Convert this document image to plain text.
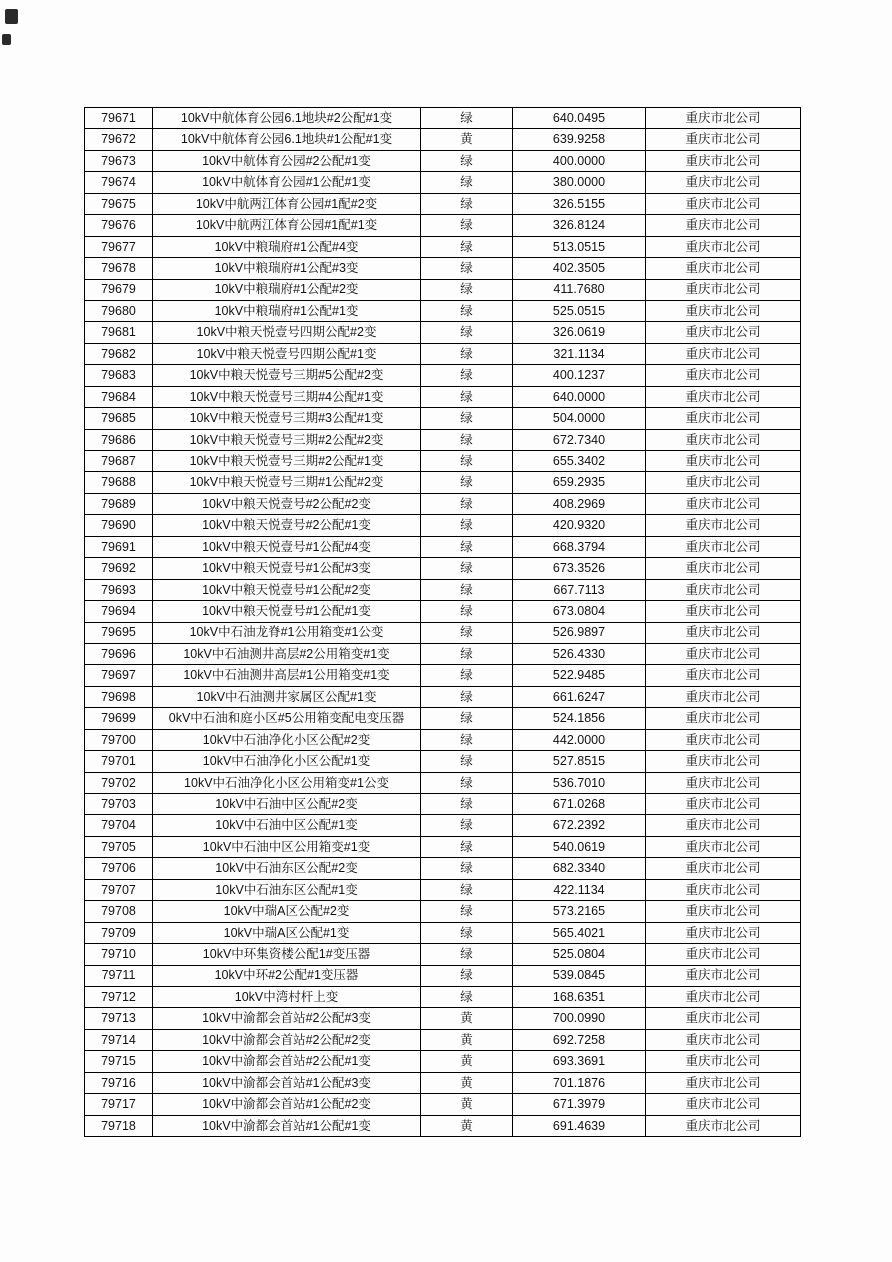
79671	10kV中航体育公园6.1地块#2公配#1变	绿	640.0495	重庆市北公司
79672	10kV中航体育公园6.1地块#1公配#1变	黄	639.9258	重庆市北公司
79673	10kV中航体育公园#2公配#1变	绿	400.0000	重庆市北公司
79674	10kV中航体育公园#1公配#1变	绿	380.0000	重庆市北公司
79675	10kV中航两江体育公园#1配#2变	绿	326.5155	重庆市北公司
79676	10kV中航两江体育公园#1配#1变	绿	326.8124	重庆市北公司
79677	10kV中粮瑞府#1公配#4变	绿	513.0515	重庆市北公司
79678	10kV中粮瑞府#1公配#3变	绿	402.3505	重庆市北公司
79679	10kV中粮瑞府#1公配#2变	绿	411.7680	重庆市北公司
79680	10kV中粮瑞府#1公配#1变	绿	525.0515	重庆市北公司
79681	10kV中粮天悦壹号四期公配#2变	绿	326.0619	重庆市北公司
79682	10kV中粮天悦壹号四期公配#1变	绿	321.1134	重庆市北公司
79683	10kV中粮天悦壹号三期#5公配#2变	绿	400.1237	重庆市北公司
79684	10kV中粮天悦壹号三期#4公配#1变	绿	640.0000	重庆市北公司
79685	10kV中粮天悦壹号三期#3公配#1变	绿	504.0000	重庆市北公司
79686	10kV中粮天悦壹号三期#2公配#2变	绿	672.7340	重庆市北公司
79687	10kV中粮天悦壹号三期#2公配#1变	绿	655.3402	重庆市北公司
79688	10kV中粮天悦壹号三期#1公配#2变	绿	659.2935	重庆市北公司
79689	10kV中粮天悦壹号#2公配#2变	绿	408.2969	重庆市北公司
79690	10kV中粮天悦壹号#2公配#1变	绿	420.9320	重庆市北公司
79691	10kV中粮天悦壹号#1公配#4变	绿	668.3794	重庆市北公司
79692	10kV中粮天悦壹号#1公配#3变	绿	673.3526	重庆市北公司
79693	10kV中粮天悦壹号#1公配#2变	绿	667.7113	重庆市北公司
79694	10kV中粮天悦壹号#1公配#1变	绿	673.0804	重庆市北公司
79695	10kV中石油龙脊#1公用箱变#1公变	绿	526.9897	重庆市北公司
79696	10kV中石油测井高层#2公用箱变#1变	绿	526.4330	重庆市北公司
79697	10kV中石油测井高层#1公用箱变#1变	绿	522.9485	重庆市北公司
79698	10kV中石油测井家属区公配#1变	绿	661.6247	重庆市北公司
79699	0kV中石油和庭小区#5公用箱变配电变压器	绿	524.1856	重庆市北公司
79700	10kV中石油净化小区公配#2变	绿	442.0000	重庆市北公司
79701	10kV中石油净化小区公配#1变	绿	527.8515	重庆市北公司
79702	10kV中石油净化小区公用箱变#1公变	绿	536.7010	重庆市北公司
79703	10kV中石油中区公配#2变	绿	671.0268	重庆市北公司
79704	10kV中石油中区公配#1变	绿	672.2392	重庆市北公司
79705	10kV中石油中区公用箱变#1变	绿	540.0619	重庆市北公司
79706	10kV中石油东区公配#2变	绿	682.3340	重庆市北公司
79707	10kV中石油东区公配#1变	绿	422.1134	重庆市北公司
79708	10kV中瑞A区公配#2变	绿	573.2165	重庆市北公司
79709	10kV中瑞A区公配#1变	绿	565.4021	重庆市北公司
79710	10kV中环集资楼公配1#变压器	绿	525.0804	重庆市北公司
79711	10kV中环#2公配#1变压器	绿	539.0845	重庆市北公司
79712	10kV中湾村杆上变	绿	168.6351	重庆市北公司
79713	10kV中渝都会首站#2公配#3变	黄	700.0990	重庆市北公司
79714	10kV中渝都会首站#2公配#2变	黄	692.7258	重庆市北公司
79715	10kV中渝都会首站#2公配#1变	黄	693.3691	重庆市北公司
79716	10kV中渝都会首站#1公配#3变	黄	701.1876	重庆市北公司
79717	10kV中渝都会首站#1公配#2变	黄	671.3979	重庆市北公司
79718	10kV中渝都会首站#1公配#1变	黄	691.4639	重庆市北公司
